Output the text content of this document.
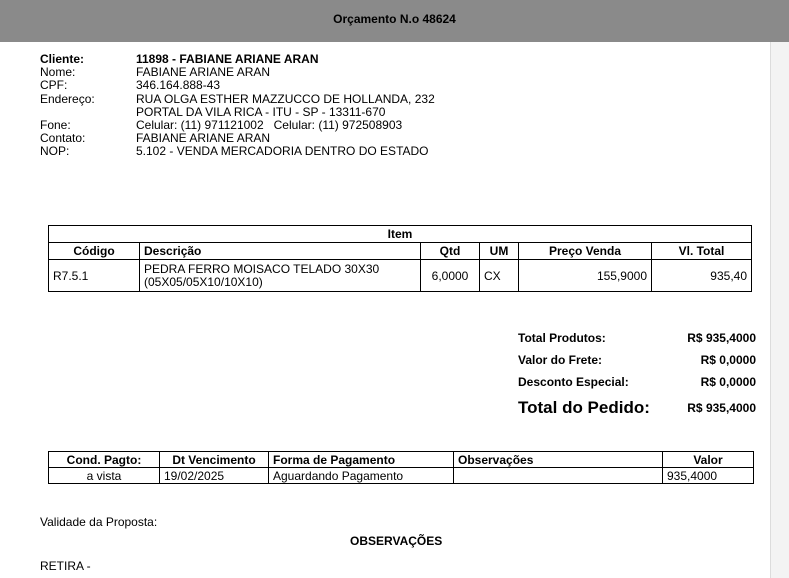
Orçamento N.o 48624
Cliente:	11898 - FABIANE ARIANE ARAN
Nome:	FABIANE ARIANE ARAN
CPF:	346.164.888-43
Endereço:	RUA OLGA ESTHER MAZZUCCO DE HOLLANDA, 232
PORTAL DA VILA RICA - ITU - SP - 13311-670
Fone:	Celular: (11) 971121002   Celular: (11) 972508903
Contato:	FABIANE ARIANE ARAN
NOP:	5.102 - VENDA MERCADORIA DENTRO DO ESTADO
Item					
Código	Descrição	Qtd	UM	Preço Venda	Vl. Total
R7.5.1	PEDRA FERRO MOISACO TELADO 30X30 (05X05/05X10/10X10)	6,0000	CX	155,9000	935,40
Total Produtos:	R$ 935,4000
Valor do Frete:	R$ 0,0000
Desconto Especial:	R$ 0,0000
Total do Pedido:	R$ 935,4000
Cond. Pagto:	Dt Vencimento	Forma de Pagamento	Observações	Valor
a vista	19/02/2025	Aguardando Pagamento		935,4000
Validade da Proposta:
OBSERVAÇÕES
RETIRA -
